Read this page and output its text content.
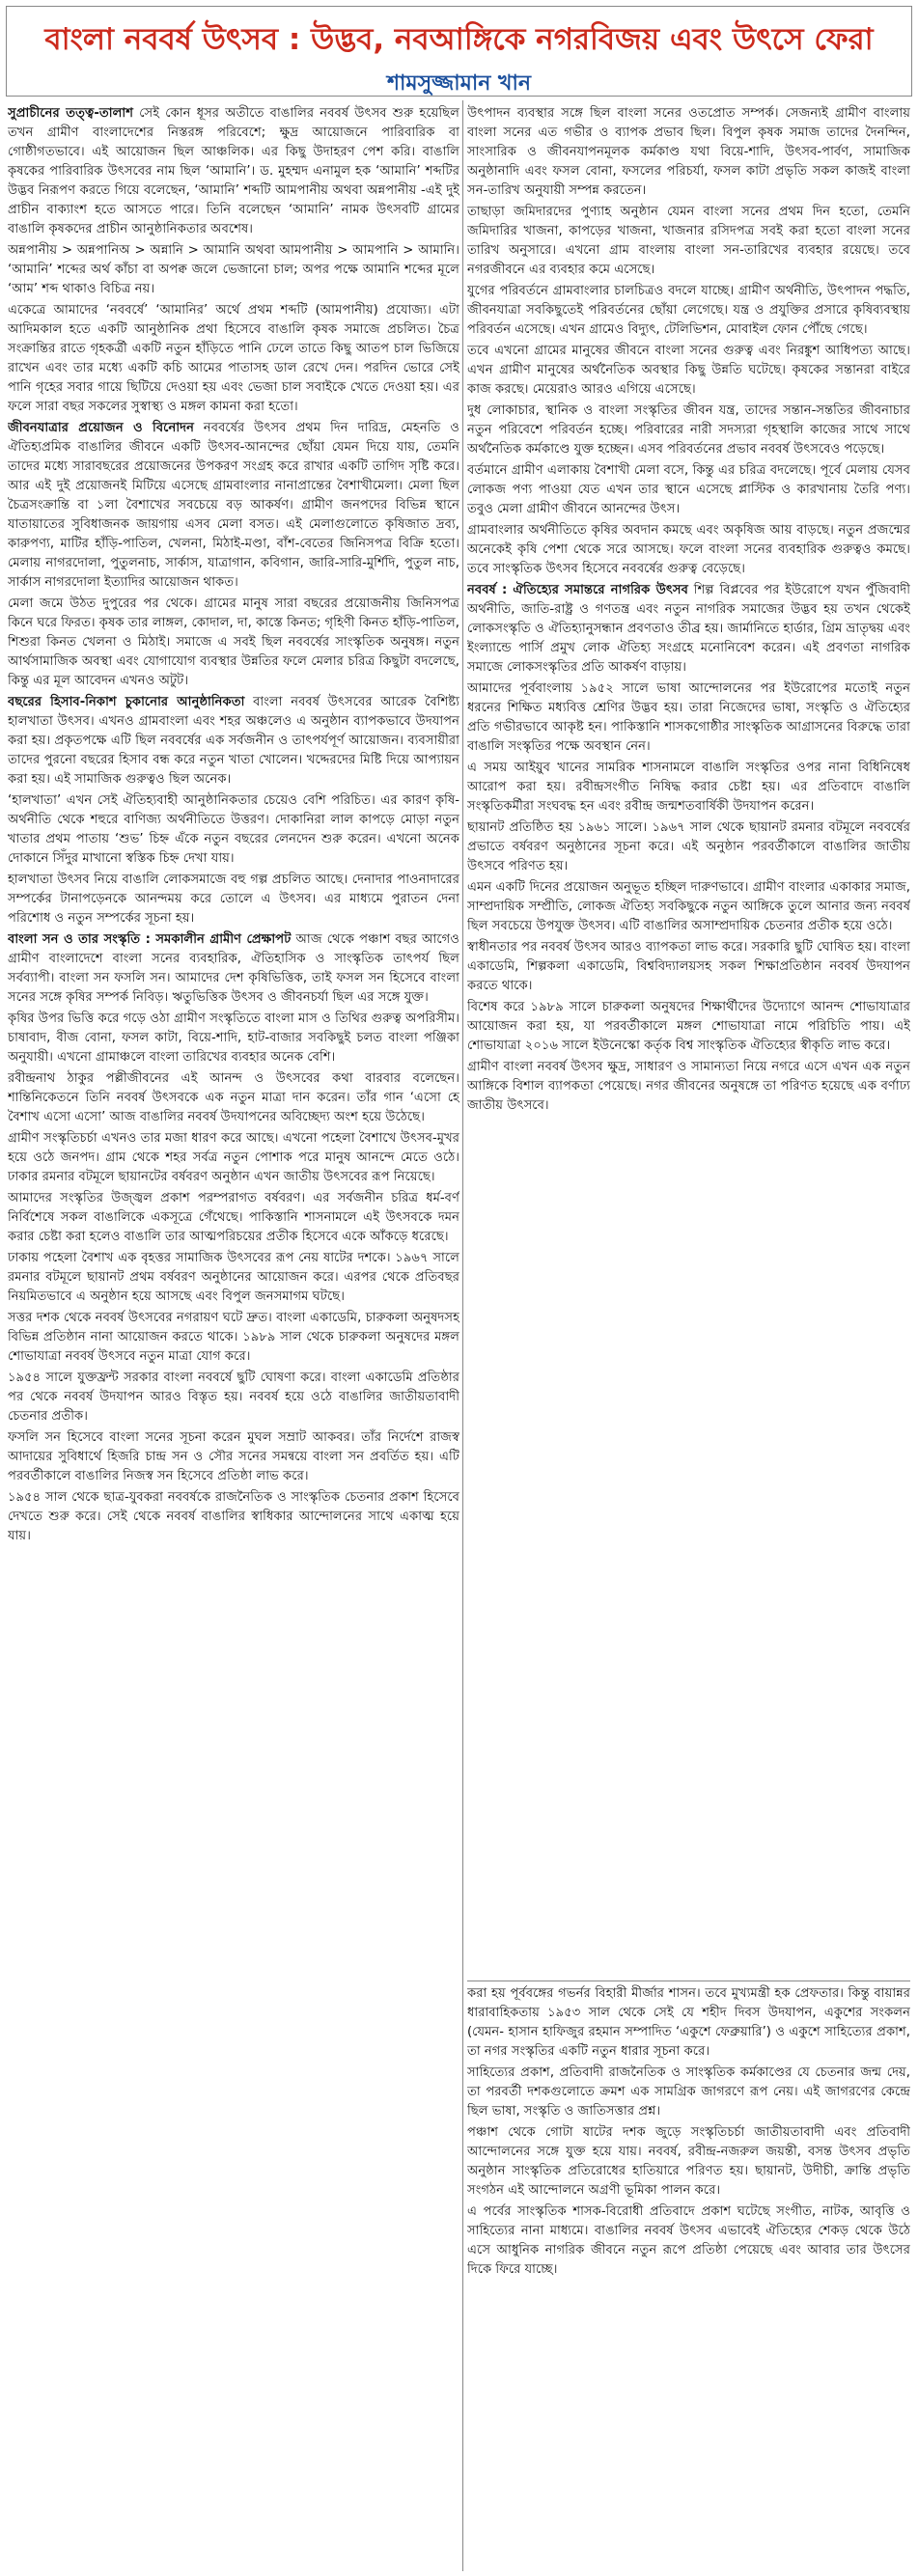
বাংলা নববর্ষ উৎসব : উদ্ভব, নবআঙ্গিকে নগরবিজয় এবং উৎসে ফেরা
শামসুজ্জামান খান

সুপ্রাচীনের তত্ত্ব-তালাশ সেই কোন ধূসর অতীতে বাঙালির নববর্ষ উৎসব শুরু হয়েছিল তখন গ্রামীণ বাংলাদেশের নিস্তরঙ্গ পরিবেশে; ক্ষুদ্র আয়োজনে পারিবারিক বা গোষ্ঠীগতভাবে। এই আয়োজন ছিল আঞ্চলিক। এর কিছু উদাহরণ পেশ করি। বাঙালি কৃষকের পারিবারিক উৎসবের নাম ছিল ‘আমানি’। ড. মুহম্মদ এনামুল হক ‘আমানি’ শব্দটির উদ্ভব নিরূপণ করতে গিয়ে বলেছেন, ‘আমানি’ শব্দটি আমপানীয় অথবা অন্নপানীয় -এই দুই প্রাচীন বাক্যাংশ হতে আসতে পারে। তিনি বলেছেন ‘আমানি’ নামক উৎসবটি গ্রামের বাঙালি কৃষকদের প্রাচীন আনুষ্ঠানিকতার অবশেষ।

অন্নপানীয় > অন্নপানিঅ > অন্নানি > আমানি অথবা আমপানীয় > আমপানি > আমানি। ‘আমানি’ শব্দের অর্থ কাঁচা বা অপক্ব জলে ভেজানো চাল; অপর পক্ষে আমানি শব্দের মূলে ‘আম’ শব্দ থাকাও বিচিত্র নয়।

একেত্রে আমাদের ‘নববর্ষে’ ‘আমানির’ অর্থে প্রথম শব্দটি (আমপানীয়) প্রযোজ্য। এটা আদিমকাল হতে একটি আনুষ্ঠানিক প্রথা হিসেবে বাঙালি কৃষক সমাজে প্রচলিত। চৈত্র সংক্রান্তির রাতে গৃহকর্ত্রী একটি নতুন হাঁড়িতে পানি ঢেলে তাতে কিছু আতপ চাল ভিজিয়ে রাখেন এবং তার মধ্যে একটি কচি আমের পাতাসহ ডাল রেখে দেন। পরদিন ভোরে সেই পানি গৃহের সবার গায়ে ছিটিয়ে দেওয়া হয় এবং ভেজা চাল সবাইকে খেতে দেওয়া হয়। এর ফলে সারা বছর সকলের সুস্বাস্থ্য ও মঙ্গল কামনা করা হতো।

জীবনযাত্রার প্রয়োজন ও বিনোদন নববর্ষের উৎসব প্রথম দিন দারিদ্র, মেহনতি ও ঐতিহ্যপ্রমিক বাঙালির জীবনে একটি উৎসব-আনন্দের ছোঁয়া যেমন দিয়ে যায়, তেমনি তাদের মধ্যে সারাবছরের প্রয়োজনের উপকরণ সংগ্রহ করে রাখার একটি তাগিদ সৃষ্টি করে। আর এই দুই প্রয়োজনই মিটিয়ে এসেছে গ্রামবাংলার নানাপ্রান্তের বৈশাখীমেলা। মেলা ছিল চৈত্রসংক্রান্তি বা ১লা বৈশাখের সবচেয়ে বড় আকর্ষণ। গ্রামীণ জনপদের বিভিন্ন স্থানে যাতায়াতের সুবিধাজনক জায়গায় এসব মেলা বসত। এই মেলাগুলোতে কৃষিজাত দ্রব্য, কারুপণ্য, মাটির হাঁড়ি-পাতিল, খেলনা, মিঠাই-মণ্ডা, বাঁশ-বেতের জিনিসপত্র বিক্রি হতো। মেলায় নাগরদোলা, পুতুলনাচ, সার্কাস, যাত্রাগান, কবিগান, জারি-সারি-মুর্শিদি, পুতুল নাচ, সার্কাস নাগরদোলা ইত্যাদির আয়োজন থাকত।

মেলা জমে উঠত দুপুরের পর থেকে। গ্রামের মানুষ সারা বছরের প্রয়োজনীয় জিনিসপত্র কিনে ঘরে ফিরত। কৃষক তার লাঙ্গল, কোদাল, দা, কাস্তে কিনত; গৃহিণী কিনত হাঁড়ি-পাতিল, শিশুরা কিনত খেলনা ও মিঠাই। সমাজে এ সবই ছিল নববর্ষের সাংস্কৃতিক অনুষঙ্গ। নতুন আর্থসামাজিক অবস্থা এবং যোগাযোগ ব্যবস্থার উন্নতির ফলে মেলার চরিত্র কিছুটা বদলেছে, কিন্তু এর মূল আবেদন এখনও অটুট।

বছরের হিসাব-নিকাশ চুকানোর আনুষ্ঠানিকতা বাংলা নববর্ষ উৎসবের আরেক বৈশিষ্ট্য হালখাতা উৎসব। এখনও গ্রামবাংলা এবং শহর অঞ্চলেও এ অনুষ্ঠান ব্যাপকভাবে উদযাপন করা হয়। প্রকৃতপক্ষে এটি ছিল নববর্ষের এক সর্বজনীন ও তাৎপর্যপূর্ণ আয়োজন। ব্যবসায়ীরা তাদের পুরনো বছরের হিসাব বন্ধ করে নতুন খাতা খোলেন। খদ্দেরদের মিষ্টি দিয়ে আপ্যায়ন করা হয়। এই সামাজিক গুরুত্বও ছিল অনেক।

‘হালখাতা’ এখন সেই ঐতিহ্যবাহী আনুষ্ঠানিকতার চেয়েও বেশি পরিচিত। এর কারণ কৃষি-অর্থনীতি থেকে শহুরে বাণিজ্য অর্থনীতিতে উত্তরণ। দোকানিরা লাল কাপড়ে মোড়া নতুন খাতার প্রথম পাতায় ‘শুভ’ চিহ্ন এঁকে নতুন বছরের লেনদেন শুরু করেন। এখনো অনেক দোকানে সিঁদুর মাখানো স্বস্তিক চিহ্ন দেখা যায়।

হালখাতা উৎসব নিয়ে বাঙালি লোকসমাজে বহু গল্প প্রচলিত আছে। দেনাদার পাওনাদারের সম্পর্কের টানাপড়েনকে আনন্দময় করে তোলে এ উৎসব। এর মাধ্যমে পুরাতন দেনা পরিশোধ ও নতুন সম্পর্কের সূচনা হয়।

বাংলা সন ও তার সংস্কৃতি : সমকালীন গ্রামীণ প্রেক্ষাপট আজ থেকে পঞ্চাশ বছর আগেও গ্রামীণ বাংলাদেশে বাংলা সনের ব্যবহারিক, ঐতিহাসিক ও সাংস্কৃতিক তাৎপর্য ছিল সর্বব্যাপী। বাংলা সন ফসলি সন। আমাদের দেশ কৃষিভিত্তিক, তাই ফসল সন হিসেবে বাংলা সনের সঙ্গে কৃষির সম্পর্ক নিবিড়। ঋতুভিত্তিক উৎসব ও জীবনচর্যা ছিল এর সঙ্গে যুক্ত।

কৃষির উপর ভিত্তি করে গড়ে ওঠা গ্রামীণ সংস্কৃতিতে বাংলা মাস ও তিথির গুরুত্ব অপরিসীম। চাষাবাদ, বীজ বোনা, ফসল কাটা, বিয়ে-শাদি, হাট-বাজার সবকিছুই চলত বাংলা পঞ্জিকা অনুযায়ী। এখনো গ্রামাঞ্চলে বাংলা তারিখের ব্যবহার অনেক বেশি।

রবীন্দ্রনাথ ঠাকুর পল্লীজীবনের এই আনন্দ ও উৎসবের কথা বারবার বলেছেন। শান্তিনিকেতনে তিনি নববর্ষ উৎসবকে এক নতুন মাত্রা দান করেন। তাঁর গান ‘এসো হে বৈশাখ এসো এসো’ আজ বাঙালির নববর্ষ উদযাপনের অবিচ্ছেদ্য অংশ হয়ে উঠেছে।

গ্রামীণ সংস্কৃতিচর্চা এখনও তার মজা ধারণ করে আছে। এখনো পহেলা বৈশাখে উৎসব-মুখর হয়ে ওঠে জনপদ। গ্রাম থেকে শহর সর্বত্র নতুন পোশাক পরে মানুষ আনন্দে মেতে ওঠে। ঢাকার রমনার বটমূলে ছায়ানটের বর্ষবরণ অনুষ্ঠান এখন জাতীয় উৎসবের রূপ নিয়েছে।

আমাদের সংস্কৃতির উজ্জ্বল প্রকাশ পরম্পরাগত বর্ষবরণ। এর সর্বজনীন চরিত্র ধর্ম-বর্ণ নির্বিশেষে সকল বাঙালিকে একসূত্রে গেঁথেছে। পাকিস্তানি শাসনামলে এই উৎসবকে দমন করার চেষ্টা করা হলেও বাঙালি তার আত্মপরিচয়ের প্রতীক হিসেবে একে আঁকড়ে ধরেছে।

ঢাকায় পহেলা বৈশাখ এক বৃহত্তর সামাজিক উৎসবের রূপ নেয় ষাটের দশকে। ১৯৬৭ সালে রমনার বটমূলে ছায়ানট প্রথম বর্ষবরণ অনুষ্ঠানের আয়োজন করে। এরপর থেকে প্রতিবছর নিয়মিতভাবে এ অনুষ্ঠান হয়ে আসছে এবং বিপুল জনসমাগম ঘটছে।

সত্তর দশক থেকে নববর্ষ উৎসবের নগরায়ণ ঘটে দ্রুত। বাংলা একাডেমি, চারুকলা অনুষদসহ বিভিন্ন প্রতিষ্ঠান নানা আয়োজন করতে থাকে। ১৯৮৯ সাল থেকে চারুকলা অনুষদের মঙ্গল শোভাযাত্রা নববর্ষ উৎসবে নতুন মাত্রা যোগ করে।

১৯৫৪ সালে যুক্তফ্রন্ট সরকার বাংলা নববর্ষে ছুটি ঘোষণা করে। বাংলা একাডেমি প্রতিষ্ঠার পর থেকে নববর্ষ উদযাপন আরও বিস্তৃত হয়। নববর্ষ হয়ে ওঠে বাঙালির জাতীয়তাবাদী চেতনার প্রতীক।

ফসলি সন হিসেবে বাংলা সনের সূচনা করেন মুঘল সম্রাট আকবর। তাঁর নির্দেশে রাজস্ব আদায়ের সুবিধার্থে হিজরি চান্দ্র সন ও সৌর সনের সমন্বয়ে বাংলা সন প্রবর্তিত হয়। এটি পরবর্তীকালে বাঙালির নিজস্ব সন হিসেবে প্রতিষ্ঠা লাভ করে।

১৯৫৪ সাল থেকে ছাত্র-যুবকরা নববর্ষকে রাজনৈতিক ও সাংস্কৃতিক চেতনার প্রকাশ হিসেবে দেখতে শুরু করে। সেই থেকে নববর্ষ বাঙালির স্বাধিকার আন্দোলনের সাথে একাত্ম হয়ে যায়।

উৎপাদন ব্যবস্থার সঙ্গে ছিল বাংলা সনের ওতপ্রোত সম্পর্ক। সেজন্যই গ্রামীণ বাংলায় বাংলা সনের এত গভীর ও ব্যাপক প্রভাব ছিল। বিপুল কৃষক সমাজ তাদের দৈনন্দিন, সাংসারিক ও জীবনযাপনমূলক কর্মকাণ্ড যথা বিয়ে-শাদি, উৎসব-পার্বণ, সামাজিক অনুষ্ঠানাদি এবং ফসল বোনা, ফসলের পরিচর্যা, ফসল কাটা প্রভৃতি সকল কাজই বাংলা সন-তারিখ অনুযায়ী সম্পন্ন করতেন।

তাছাড়া জমিদারদের পুণ্যাহ অনুষ্ঠান যেমন বাংলা সনের প্রথম দিন হতো, তেমনি জমিদারির খাজনা, কাপড়ের খাজনা, খাজনার রসিদপত্র সবই করা হতো বাংলা সনের তারিখ অনুসারে। এখনো গ্রাম বাংলায় বাংলা সন-তারিখের ব্যবহার রয়েছে। তবে নগরজীবনে এর ব্যবহার কমে এসেছে।

যুগের পরিবর্তনে গ্রামবাংলার চালচিত্রও বদলে যাচ্ছে। গ্রামীণ অর্থনীতি, উৎপাদন পদ্ধতি, জীবনযাত্রা সবকিছুতেই পরিবর্তনের ছোঁয়া লেগেছে। যন্ত্র ও প্রযুক্তির প্রসারে কৃষিব্যবস্থায় পরিবর্তন এসেছে। এখন গ্রামেও বিদ্যুৎ, টেলিভিশন, মোবাইল ফোন পৌঁছে গেছে।

তবে এখনো গ্রামের মানুষের জীবনে বাংলা সনের গুরুত্ব এবং নিরঙ্কুশ আধিপত্য আছে। এখন গ্রামীণ মানুষের অর্থনৈতিক অবস্থার কিছু উন্নতি ঘটেছে। কৃষকের সন্তানরা বাইরে কাজ করছে। মেয়েরাও আরও এগিয়ে এসেছে।

দুধ লোকাচার, স্থানিক ও বাংলা সংস্কৃতির জীবন যন্ত্র, তাদের সন্তান-সন্ততির জীবনাচার নতুন পরিবেশে পরিবর্তন হচ্ছে। পরিবারের নারী সদস্যরা গৃহস্থালি কাজের সাথে সাথে অর্থনৈতিক কর্মকাণ্ডে যুক্ত হচ্ছেন। এসব পরিবর্তনের প্রভাব নববর্ষ উৎসবেও পড়েছে।

বর্তমানে গ্রামীণ এলাকায় বৈশাখী মেলা বসে, কিন্তু এর চরিত্র বদলেছে। পূর্বে মেলায় যেসব লোকজ পণ্য পাওয়া যেত এখন তার স্থানে এসেছে প্লাস্টিক ও কারখানায় তৈরি পণ্য। তবুও মেলা গ্রামীণ জীবনে আনন্দের উৎস।

গ্রামবাংলার অর্থনীতিতে কৃষির অবদান কমছে এবং অকৃষিজ আয় বাড়ছে। নতুন প্রজন্মের অনেকেই কৃষি পেশা থেকে সরে আসছে। ফলে বাংলা সনের ব্যবহারিক গুরুত্বও কমছে। তবে সাংস্কৃতিক উৎসব হিসেবে নববর্ষের গুরুত্ব বেড়েছে।

নববর্ষ : ঐতিহ্যের সমান্তরে নাগরিক উৎসব শিল্প বিপ্লবের পর ইউরোপে যখন পুঁজিবাদী অর্থনীতি, জাতি-রাষ্ট্র ও গণতন্ত্র এবং নতুন নাগরিক সমাজের উদ্ভব হয় তখন থেকেই লোকসংস্কৃতি ও ঐতিহ্যানুসন্ধান প্রবণতাও তীব্র হয়। জার্মানিতে হার্ডার, গ্রিম ভ্রাতৃদ্বয় এবং ইংল্যান্ডে পার্সি প্রমুখ লোক ঐতিহ্য সংগ্রহে মনোনিবেশ করেন। এই প্রবণতা নাগরিক সমাজে লোকসংস্কৃতির প্রতি আকর্ষণ বাড়ায়।

আমাদের পূর্ববাংলায় ১৯৫২ সালে ভাষা আন্দোলনের পর ইউরোপের মতোই নতুন ধরনের শিক্ষিত মধ্যবিত্ত শ্রেণির উদ্ভব হয়। তারা নিজেদের ভাষা, সংস্কৃতি ও ঐতিহ্যের প্রতি গভীরভাবে আকৃষ্ট হন। পাকিস্তানি শাসকগোষ্ঠীর সাংস্কৃতিক আগ্রাসনের বিরুদ্ধে তারা বাঙালি সংস্কৃতির পক্ষে অবস্থান নেন।

এ সময় আইয়ুব খানের সামরিক শাসনামলে বাঙালি সংস্কৃতির ওপর নানা বিধিনিষেধ আরোপ করা হয়। রবীন্দ্রসংগীত নিষিদ্ধ করার চেষ্টা হয়। এর প্রতিবাদে বাঙালি সংস্কৃতিকর্মীরা সংঘবদ্ধ হন এবং রবীন্দ্র জন্মশতবার্ষিকী উদযাপন করেন।

ছায়ানট প্রতিষ্ঠিত হয় ১৯৬১ সালে। ১৯৬৭ সাল থেকে ছায়ানট রমনার বটমূলে নববর্ষের প্রভাতে বর্ষবরণ অনুষ্ঠানের সূচনা করে। এই অনুষ্ঠান পরবর্তীকালে বাঙালির জাতীয় উৎসবে পরিণত হয়।

এমন একটি দিনের প্রয়োজন অনুভূত হচ্ছিল দারুণভাবে। গ্রামীণ বাংলার একাকার সমাজ, সাম্প্রদায়িক সম্প্রীতি, লোকজ ঐতিহ্য সবকিছুকে নতুন আঙ্গিকে তুলে আনার জন্য নববর্ষ ছিল সবচেয়ে উপযুক্ত উৎসব। এটি বাঙালির অসাম্প্রদায়িক চেতনার প্রতীক হয়ে ওঠে।

স্বাধীনতার পর নববর্ষ উৎসব আরও ব্যাপকতা লাভ করে। সরকারি ছুটি ঘোষিত হয়। বাংলা একাডেমি, শিল্পকলা একাডেমি, বিশ্ববিদ্যালয়সহ সকল শিক্ষাপ্রতিষ্ঠান নববর্ষ উদযাপন করতে থাকে।

বিশেষ করে ১৯৮৯ সালে চারুকলা অনুষদের শিক্ষার্থীদের উদ্যোগে আনন্দ শোভাযাত্রার আয়োজন করা হয়, যা পরবর্তীকালে মঙ্গল শোভাযাত্রা নামে পরিচিতি পায়। এই শোভাযাত্রা ২০১৬ সালে ইউনেস্কো কর্তৃক বিশ্ব সাংস্কৃতিক ঐতিহ্যের স্বীকৃতি লাভ করে।

গ্রামীণ বাংলা নববর্ষ উৎসব ক্ষুদ্র, সাধারণ ও সামান্যতা নিয়ে নগরে এসে এখন এক নতুন আঙ্গিকে বিশাল ব্যাপকতা পেয়েছে। নগর জীবনের অনুষঙ্গে তা পরিণত হয়েছে এক বর্ণাঢ্য জাতীয় উৎসবে।

করা হয় পূর্ববঙ্গের গভর্নর বিহারী মীর্জার শাসন। তবে মুখ্যমন্ত্রী হক প্রেফতার। কিন্তু বায়ান্নর ধারাবাহিকতায় ১৯৫৩ সাল থেকে সেই যে শহীদ দিবস উদযাপন, একুশের সংকলন (যেমন- হাসান হাফিজুর রহমান সম্পাদিত ‘একুশে ফেব্রুয়ারি’) ও একুশে সাহিত্যের প্রকাশ, তা নগর সংস্কৃতির একটি নতুন ধারার সূচনা করে।

সাহিত্যের প্রকাশ, প্রতিবাদী রাজনৈতিক ও সাংস্কৃতিক কর্মকাণ্ডের যে চেতনার জন্ম দেয়, তা পরবর্তী দশকগুলোতে ক্রমশ এক সামগ্রিক জাগরণে রূপ নেয়। এই জাগরণের কেন্দ্রে ছিল ভাষা, সংস্কৃতি ও জাতিসত্তার প্রশ্ন।

পঞ্চাশ থেকে গোটা ষাটের দশক জুড়ে সংস্কৃতিচর্চা জাতীয়তাবাদী এবং প্রতিবাদী আন্দোলনের সঙ্গে যুক্ত হয়ে যায়। নববর্ষ, রবীন্দ্র-নজরুল জয়ন্তী, বসন্ত উৎসব প্রভৃতি অনুষ্ঠান সাংস্কৃতিক প্রতিরোধের হাতিয়ারে পরিণত হয়। ছায়ানট, উদীচী, ক্রান্তি প্রভৃতি সংগঠন এই আন্দোলনে অগ্রণী ভূমিকা পালন করে।

এ পর্বের সাংস্কৃতিক শাসক-বিরোধী প্রতিবাদে প্রকাশ ঘটেছে সংগীত, নাটক, আবৃত্তি ও সাহিত্যের নানা মাধ্যমে। বাঙালির নববর্ষ উৎসব এভাবেই ঐতিহ্যের শেকড় থেকে উঠে এসে আধুনিক নাগরিক জীবনে নতুন রূপে প্রতিষ্ঠা পেয়েছে এবং আবার তার উৎসের দিকে ফিরে যাচ্ছে।
